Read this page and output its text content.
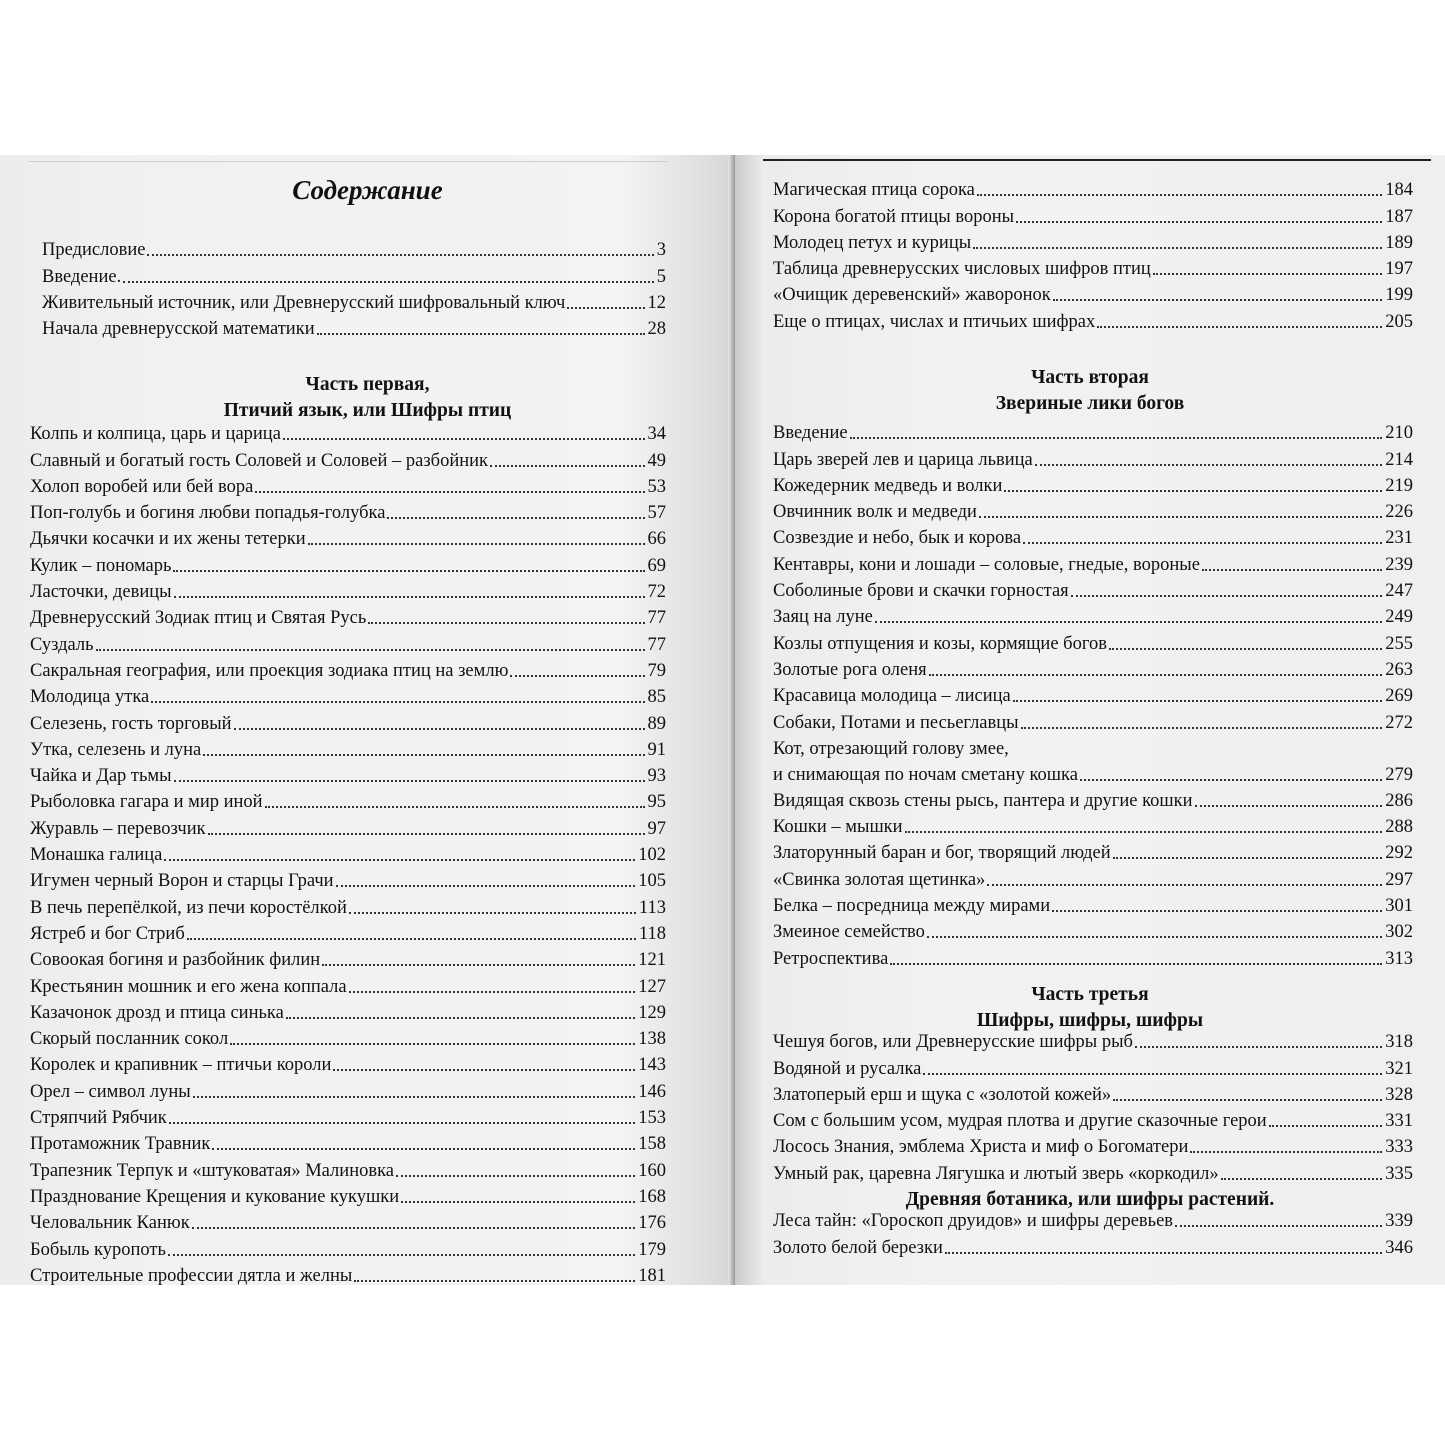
Содержание
Предисловие	3
Введение.	5
Живительный источник, или Древнерусский шифровальный ключ	12
Начала древнерусской математики	28
Часть первая,
Птичий язык, или Шифры птиц
Колпь и колпица, царь и царица	34
Славный и богатый гость Соловей и Соловей – разбойник	49
Холоп воробей или бей вора	53
Поп-голубь и богиня любви попадья-голубка	57
Дьячки косачки и их жены тетерки	66
Кулик – пономарь	69
Ласточки, девицы	72
Древнерусский Зодиак птиц и Святая Русь	77
Суздаль	77
Сакральная география, или проекция зодиака птиц на землю	79
Молодица утка	85
Селезень, гость торговый	89
Утка, селезень и луна	91
Чайка и Дар тьмы	93
Рыболовка гагара и мир иной	95
Журавль – перевозчик	97
Монашка галица	102
Игумен черный Ворон и старцы Грачи	105
В печь перепёлкой, из печи коростёлкой	113
Ястреб и бог Стриб	118
Совоокая богиня и разбойник филин	121
Крестьянин мошник и его жена коппала	127
Казачонок дрозд и птица синька	129
Скорый посланник сокол	138
Королек и крапивник – птичьи короли	143
Орел – символ луны	146
Стряпчий Рябчик	153
Протаможник Травник	158
Трапезник Терпук и «штуковатая» Малиновка	160
Празднование Крещения и кукование кукушки	168
Человальник Канюк	176
Бобыль куропоть	179
Строительные профессии дятла и желны	181
Магическая птица сорока	184
Корона богатой птицы вороны	187
Молодец петух и курицы	189
Таблица древнерусских числовых шифров птиц	197
«Очищик деревенский» жаворонок	199
Еще о птицах, числах и птичьих шифрах	205
Часть вторая
Звериные лики богов
Введение	210
Царь зверей лев и царица львица	214
Кожедерник медведь и волки	219
Овчинник волк и медведи	226
Созвездие и небо, бык и корова	231
Кентавры, кони и лошади – соловые, гнедые, вороные	239
Соболиные брови и скачки горностая	247
Заяц на луне	249
Козлы отпущения и козы, кормящие богов	255
Золотые рога оленя	263
Красавица молодица – лисица	269
Собаки, Потами и песьеглавцы	272
Кот, отрезающий голову змее,
и снимающая по ночам сметану кошка	279
Видящая сквозь стены рысь, пантера и другие кошки	286
Кошки – мышки	288
Златорунный баран и бог, творящий людей	292
«Свинка золотая щетинка»	297
Белка – посредница между мирами	301
Змеиное семейство	302
Ретроспектива	313
Часть третья
Шифры, шифры, шифры
Чешуя богов, или Древнерусские шифры рыб	318
Водяной и русалка	321
Златоперый ерш и щука с «золотой кожей»	328
Сом с большим усом, мудрая плотва и другие сказочные герои	331
Лосось Знания, эмблема Христа и миф о Богоматери	333
Умный рак, царевна Лягушка и лютый зверь «коркодил»	335
Древняя ботаника, или шифры растений.
Леса тайн: «Гороскоп друидов» и шифры деревьев	339
Золото белой березки	346
